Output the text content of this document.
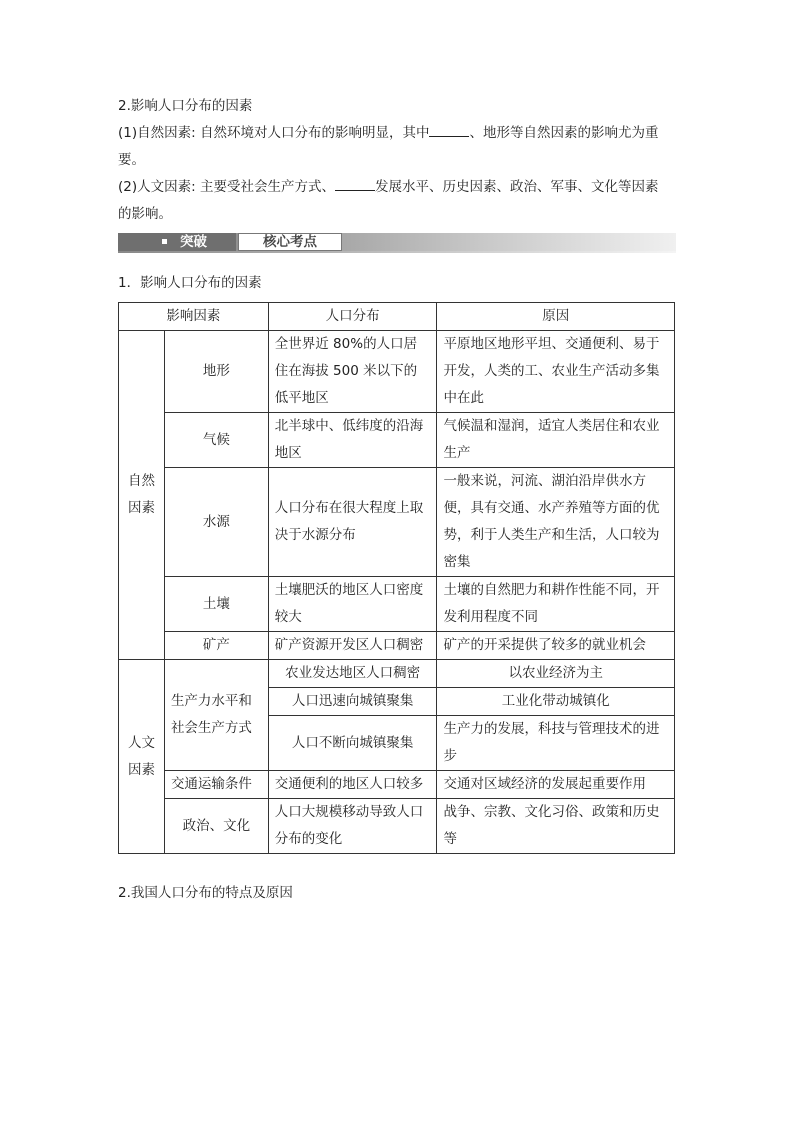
2.影响人口分布的因素
(1)自然因素: 自然环境对人口分布的影响明显，其中	、地形等自然因素的影响尤为重
要。
(2)人文因素: 主要受社会生产方式、	发展水平、历史因素、政治、军事、文化等因素
的影响。
突破	核心考点
1．影响人口分布的因素
影响因素		人口分布	原因
自然
因素	地形	全世界近 80%的人口居住在海拔 500 米以下的低平地区	平原地区地形平坦、交通便利、易于开发，人类的工、农业生产活动多集中在此
	气候	北半球中、低纬度的沿海地区	气候温和湿润，适宜人类居住和农业生产
	水源	人口分布在很大程度上取决于水源分布	一般来说，河流、湖泊沿岸供水方便，具有交通、水产养殖等方面的优势，利于人类生产和生活，人口较为密集
	土壤	土壤肥沃的地区人口密度较大	土壤的自然肥力和耕作性能不同，开发利用程度不同
	矿产	矿产资源开发区人口稠密	矿产的开采提供了较多的就业机会
人文
因素	生产力水平和社会生产方式	农业发达地区人口稠密	以农业经济为主
		人口迅速向城镇聚集	工业化带动城镇化
		人口不断向城镇聚集	生产力的发展，科技与管理技术的进步
	交通运输条件	交通便利的地区人口较多	交通对区域经济的发展起重要作用
	政治、文化	人口大规模移动导致人口分布的变化	战争、宗教、文化习俗、政策和历史等
2.我国人口分布的特点及原因
